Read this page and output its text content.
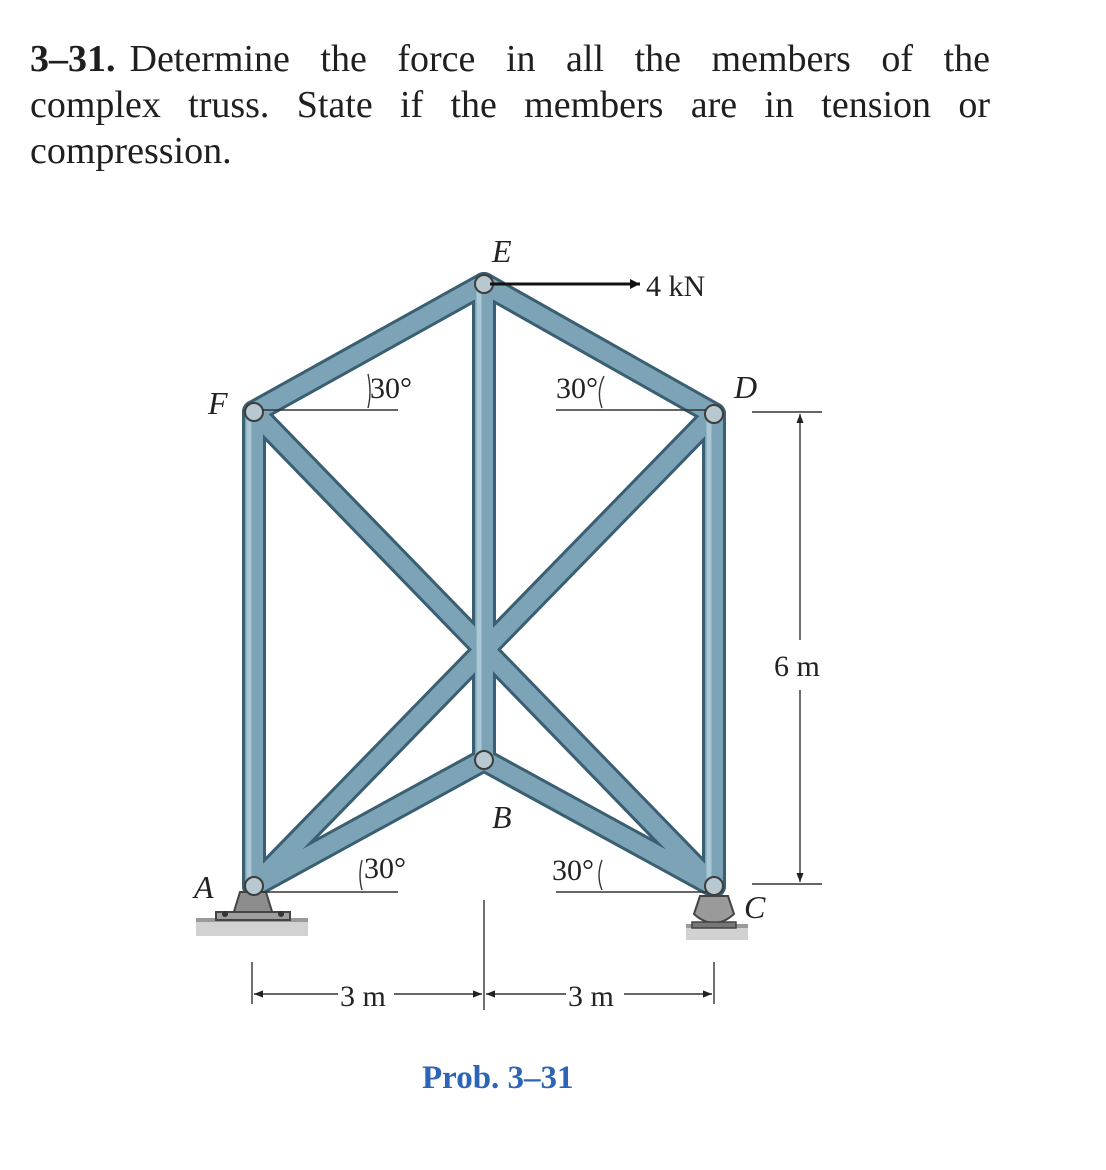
3–31. Determine the force in all the members of the
complex truss. State if the members are in tension or
compression.
4 kN
30°	30°
30°	30°
E
F	D
B
A
C
6 m
3 m	3 m
Prob. 3–31
